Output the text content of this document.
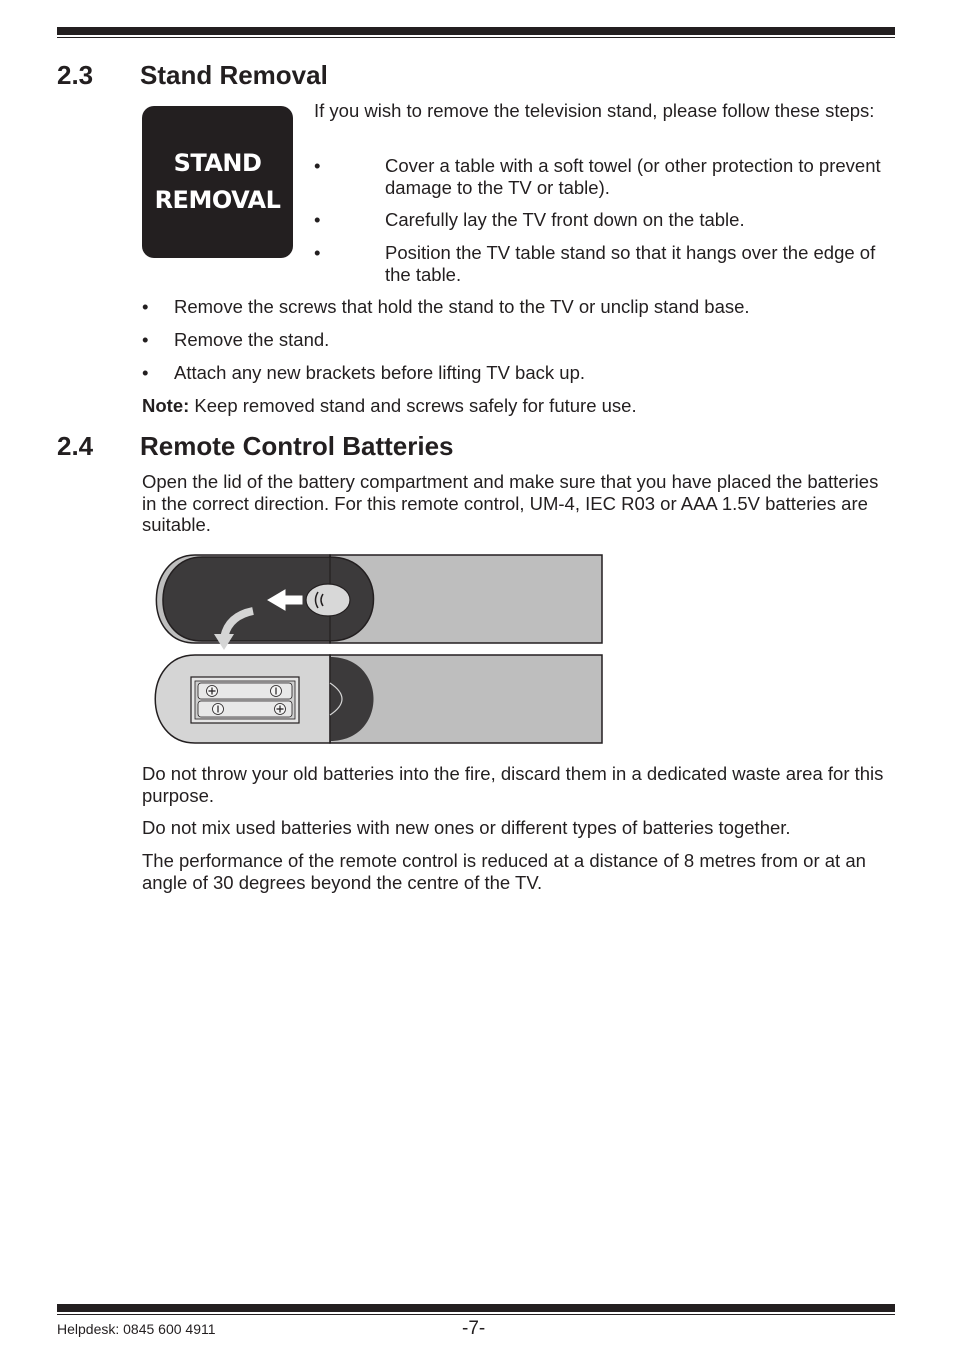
2.3 Stand Removal
STAND
REMOVAL

If you wish to remove the television stand, please follow these steps:

•	Cover a table with a soft towel (or other protection to prevent damage to the TV or table).
•	Carefully lay the TV front down on the table.
•	Position the TV table stand so that it hangs over the edge of the table.
• Remove the screws that hold the stand to the TV or unclip stand base.
• Remove the stand.
• Attach any new brackets before lifting TV back up.

Note: Keep removed stand and screws safely for future use.

2.4 Remote Control Batteries

Open the lid of the battery compartment and make sure that you have placed the batteries in the correct direction. For this remote control, UM-4, IEC R03 or AAA 1.5V batteries are suitable.

Do not throw your old batteries into the fire, discard them in a dedicated waste area for this purpose.

Do not mix used batteries with new ones or different types of batteries together.

The performance of the remote control is reduced at a distance of 8 metres from or at an angle of 30 degrees beyond the centre of the TV.

Helpdesk: 0845 600 4911	-7-
